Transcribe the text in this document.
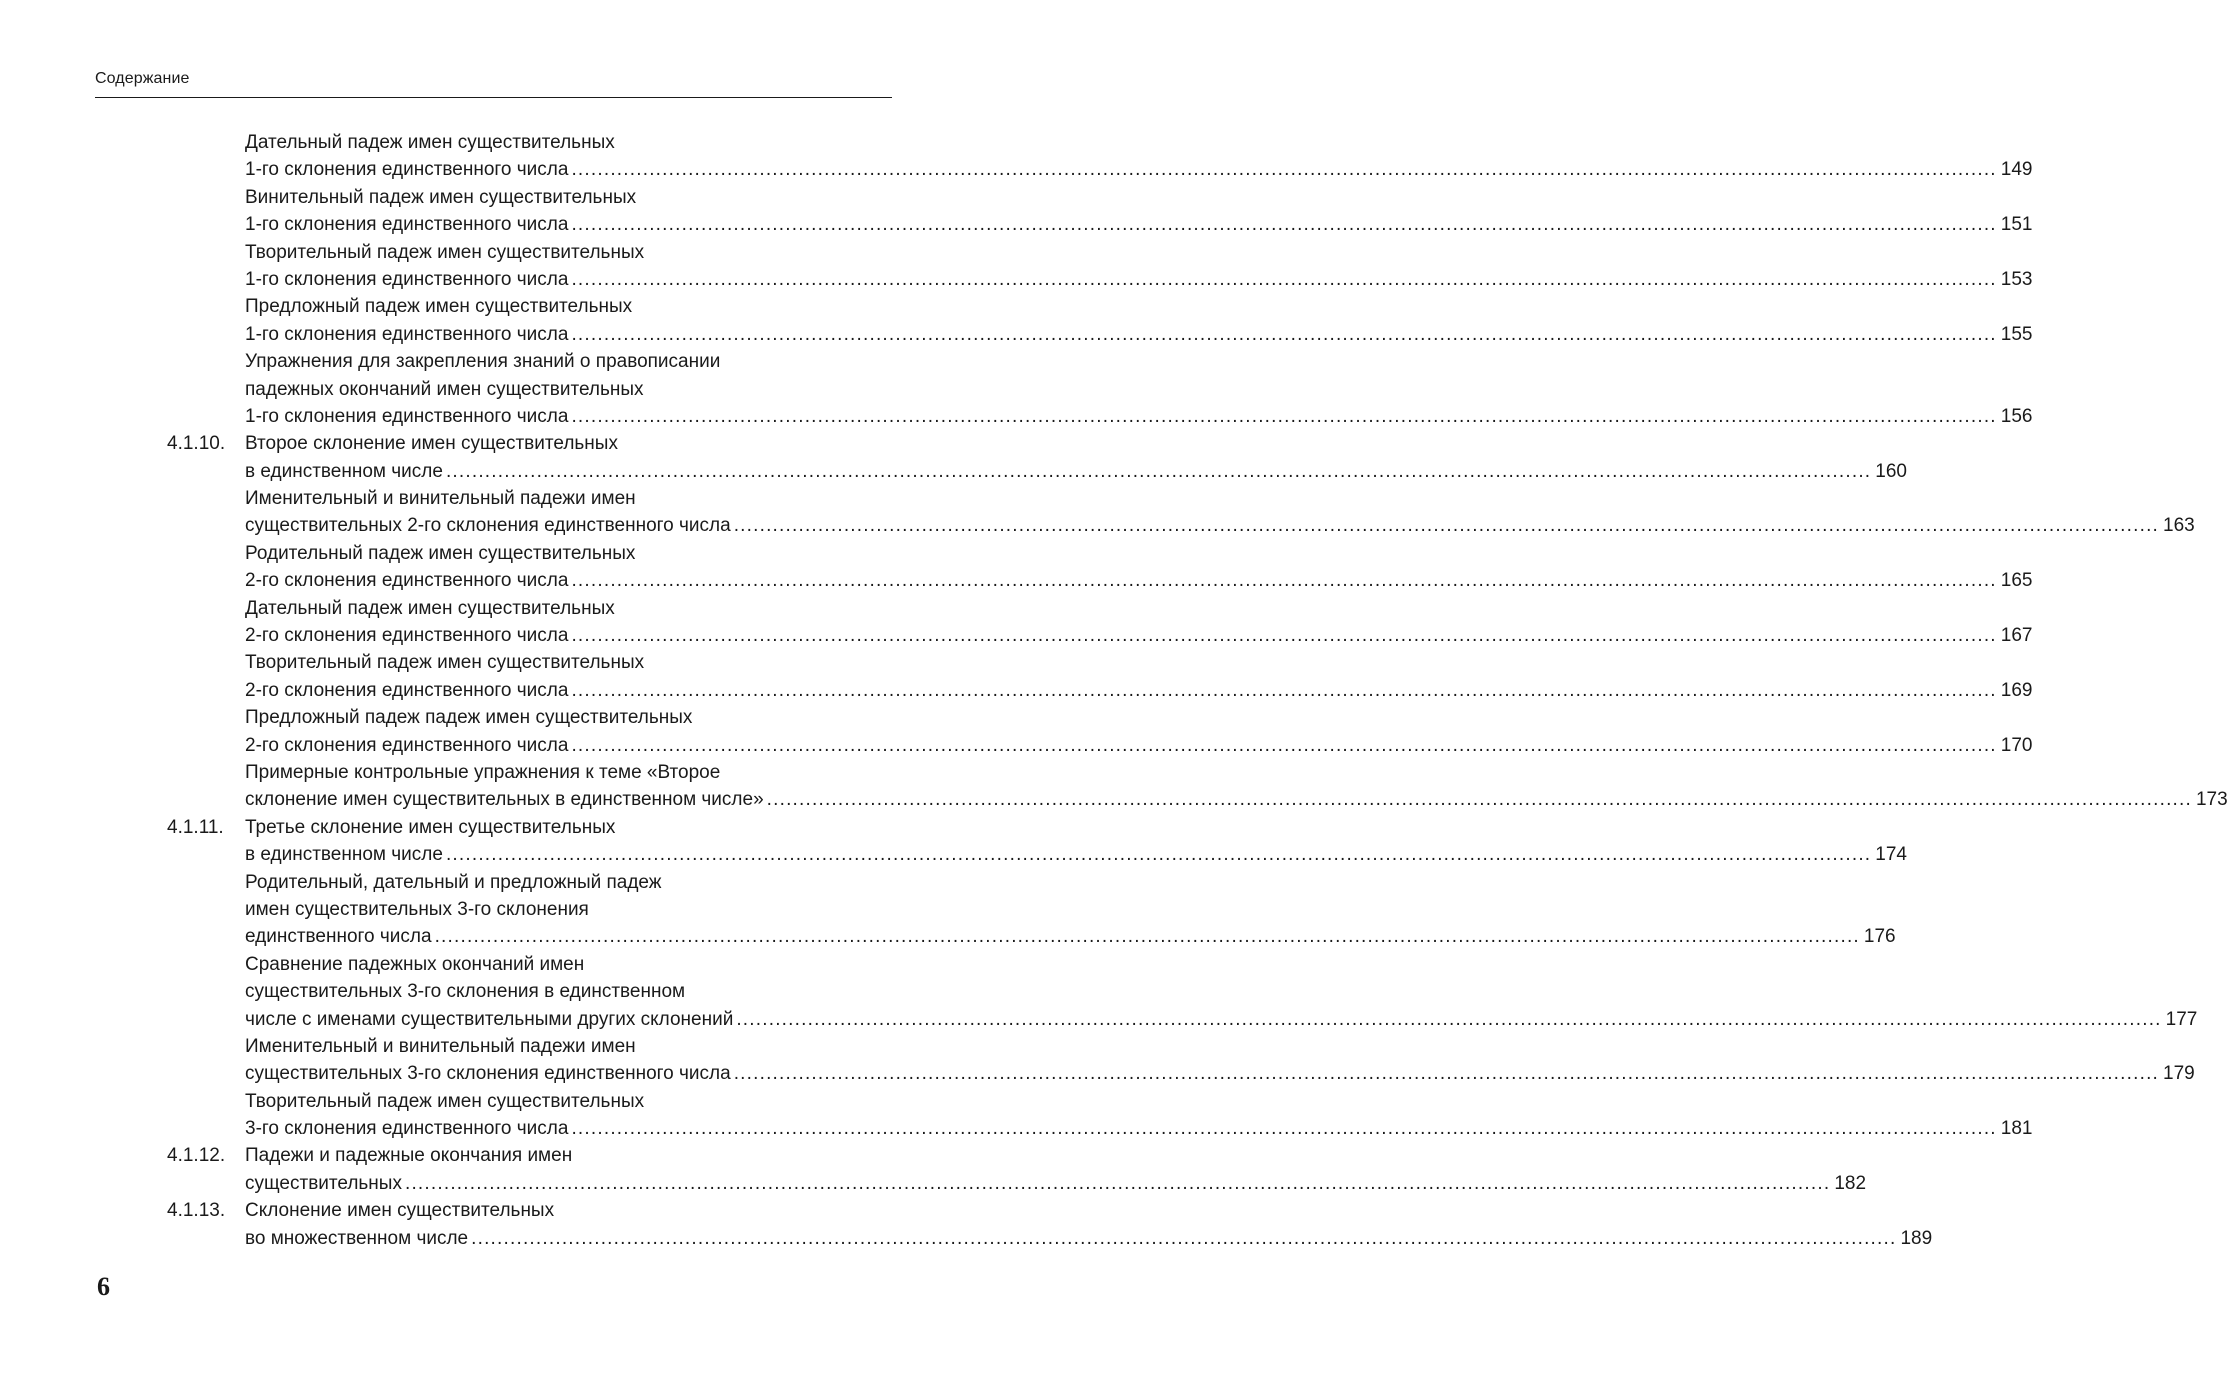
Содержание
Дательный падеж имен существительных
1-го склонения единственного числа ............................................................................................................................................................................................................................ 149
Винительный падеж имен существительных
1-го склонения единственного числа ............................................................................................................................................................................................................................ 151
Творительный падеж имен существительных
1-го склонения единственного числа ............................................................................................................................................................................................................................ 153
Предложный падеж имен существительных
1-го склонения единственного числа ............................................................................................................................................................................................................................ 155
Упражнения для закрепления знаний о правописании
падежных окончаний имен существительных
1-го склонения единственного числа ............................................................................................................................................................................................................................ 156
4.1.10. Второе склонение имен существительных
в единственном числе ............................................................................................................................................................................................................................ 160
Именительный и винительный падежи имен
существительных 2-го склонения единственного числа ............................................................................................................................................................................................................................ 163
Родительный падеж имен существительных
2-го склонения единственного числа ............................................................................................................................................................................................................................ 165
Дательный падеж имен существительных
2-го склонения единственного числа ............................................................................................................................................................................................................................ 167
Творительный падеж имен существительных
2-го склонения единственного числа ............................................................................................................................................................................................................................ 169
Предложный падеж падеж имен существительных
2-го склонения единственного числа ............................................................................................................................................................................................................................ 170
Примерные контрольные упражнения к теме «Второе
склонение имен существительных в единственном числе» ............................................................................................................................................................................................................................ 173
4.1.11. Третье склонение имен существительных
в единственном числе ............................................................................................................................................................................................................................ 174
Родительный, дательный и предложный падеж
имен существительных 3-го склонения
единственного числа ............................................................................................................................................................................................................................ 176
Сравнение падежных окончаний имен
существительных 3-го склонения в единственном
числе с именами существительными других склонений ............................................................................................................................................................................................................................ 177
Именительный и винительный падежи имен
существительных 3-го склонения единственного числа ............................................................................................................................................................................................................................ 179
Творительный падеж имен существительных
3-го склонения единственного числа ............................................................................................................................................................................................................................ 181
4.1.12. Падежи и падежные окончания имен
существительных ............................................................................................................................................................................................................................ 182
4.1.13. Склонение имен существительных
во множественном числе ............................................................................................................................................................................................................................ 189
6
